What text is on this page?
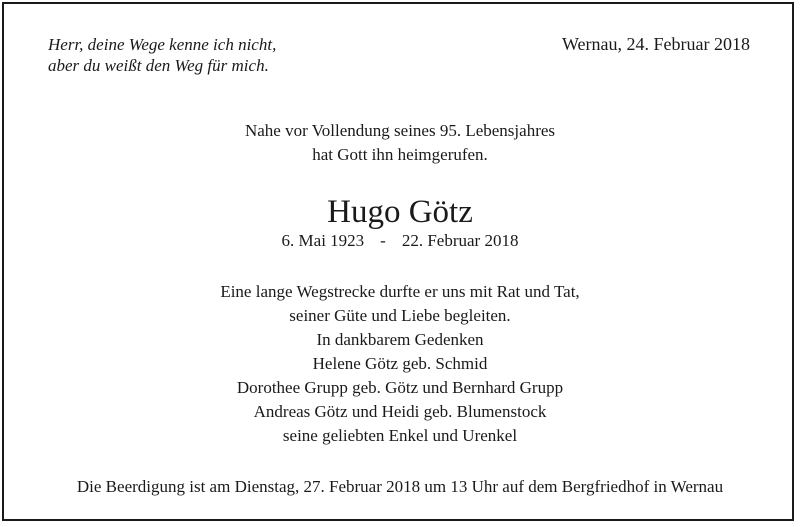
Herr, deine Wege kenne ich nicht,
aber du weißt den Weg für mich.
Wernau, 24. Februar 2018
Nahe vor Vollendung seines 95. Lebensjahres
hat Gott ihn heimgerufen.
Hugo Götz
6. Mai 1923 - 22. Februar 2018
Eine lange Wegstrecke durfte er uns mit Rat und Tat,
seiner Güte und Liebe begleiten.
In dankbarem Gedenken
Helene Götz geb. Schmid
Dorothee Grupp geb. Götz und Bernhard Grupp
Andreas Götz und Heidi geb. Blumenstock
seine geliebten Enkel und Urenkel
Die Beerdigung ist am Dienstag, 27. Februar 2018 um 13 Uhr auf dem Bergfriedhof in Wernau
